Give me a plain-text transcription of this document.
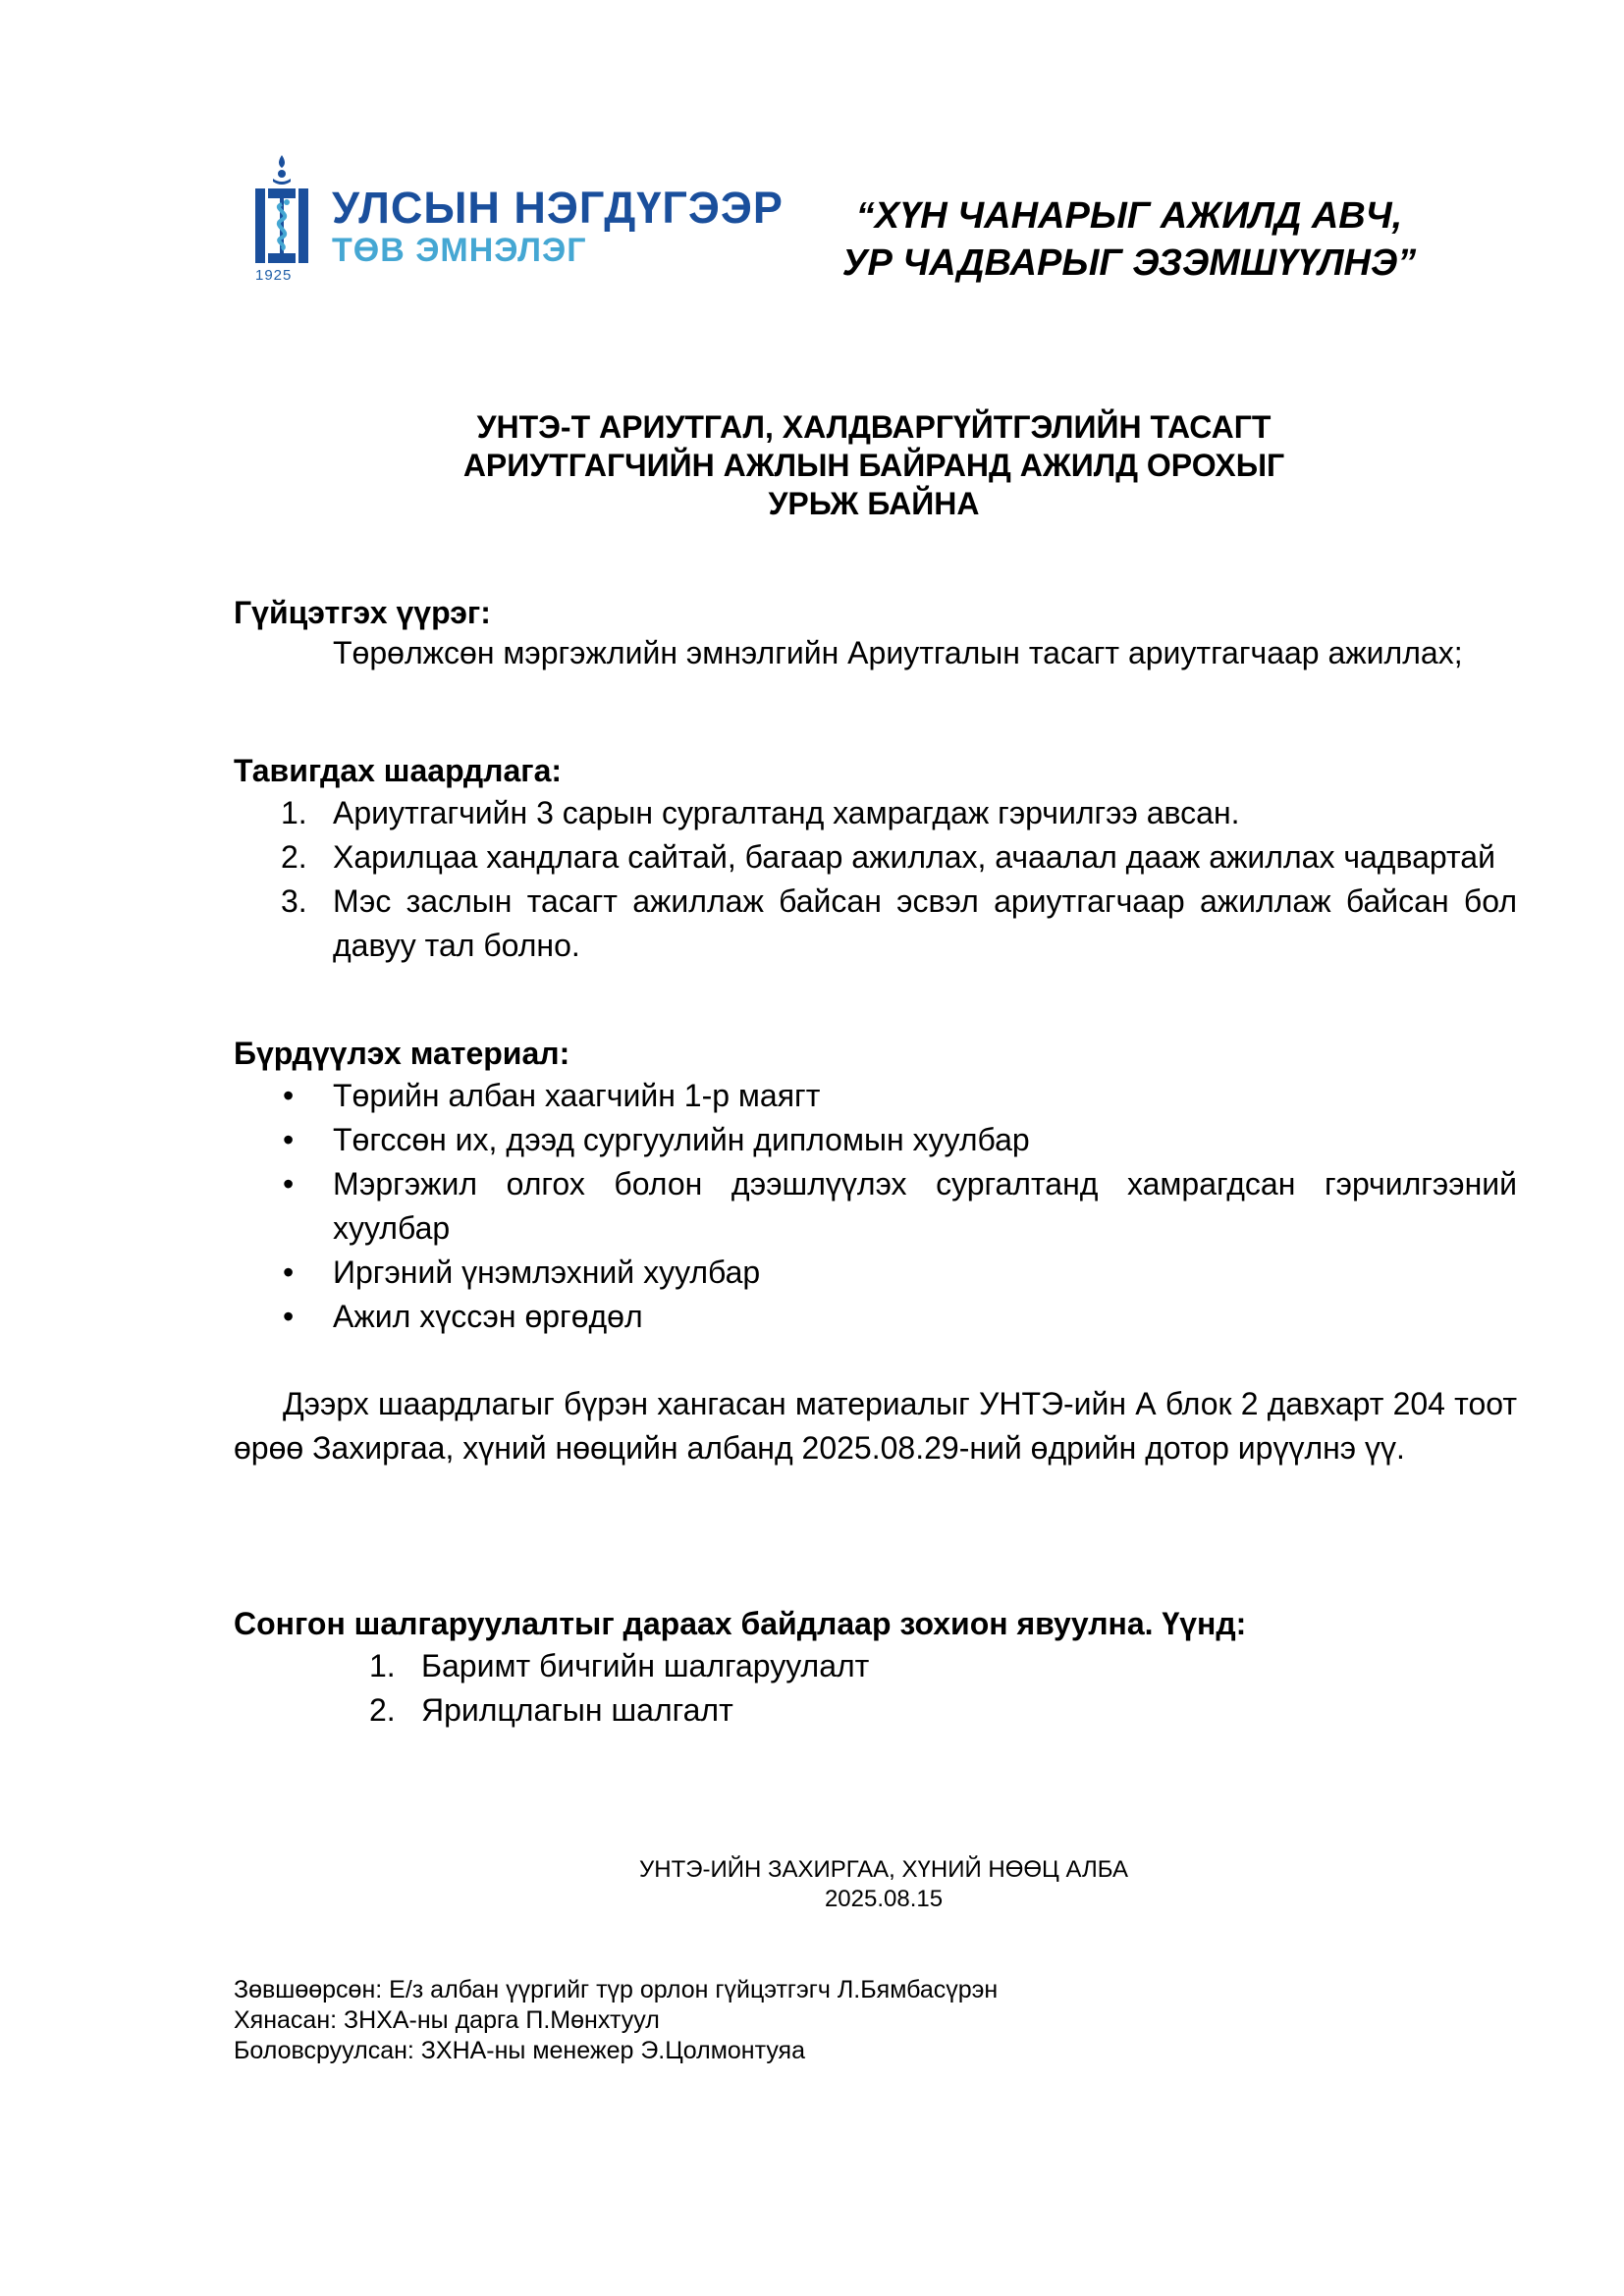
1925
УЛСЫН НЭГДҮГЭЭР
ТӨВ ЭМНЭЛЭГ
“ХҮН ЧАНАРЫГ АЖИЛД АВЧ,
УР ЧАДВАРЫГ ЭЗЭМШҮҮЛНЭ”
УНТЭ-Т АРИУТГАЛ, ХАЛДВАРГҮЙТГЭЛИЙН ТАСАГТ
АРИУТГАГЧИЙН АЖЛЫН БАЙРАНД АЖИЛД ОРОХЫГ
УРЬЖ БАЙНА
Гүйцэтгэх үүрэг:
Төрөлжсөн мэргэжлийн эмнэлгийн Ариутгалын тасагт ариутгагчаар ажиллах;
Тавигдах шаардлага:
1. Ариутгагчийн 3 сарын сургалтанд хамрагдаж гэрчилгээ авсан.
2. Харилцаа хандлага сайтай, багаар ажиллах, ачаалал дааж ажиллах чадвартай
3. Мэс заслын тасагт ажиллаж байсан эсвэл ариутгагчаар ажиллаж байсан бол давуу тал болно.
Бүрдүүлэх материал:
• Төрийн албан хаагчийн 1-р маягт
• Төгссөн их, дээд сургуулийн дипломын хуулбар
• Мэргэжил олгох болон дээшлүүлэх сургалтанд хамрагдсан гэрчилгээний хуулбар
• Иргэний үнэмлэхний хуулбар
• Ажил хүссэн өргөдөл
Дээрх шаардлагыг бүрэн хангасан материалыг УНТЭ-ийн А блок 2 давхарт 204 тоот өрөө Захиргаа, хүний нөөцийн албанд 2025.08.29-ний өдрийн дотор ирүүлнэ үү.
Сонгон шалгаруулалтыг дараах байдлаар зохион явуулна. Үүнд:
1. Баримт бичгийн шалгаруулалт
2. Ярилцлагын шалгалт
УНТЭ-ИЙН ЗАХИРГАА, ХҮНИЙ НӨӨЦ АЛБА
2025.08.15
Зөвшөөрсөн: Е/з албан үүргийг түр орлон гүйцэтгэгч Л.Бямбасүрэн
Хянасан: ЗНХА-ны дарга П.Мөнхтуул
Боловсруулсан: ЗХНА-ны менежер Э.Цолмонтуяа
